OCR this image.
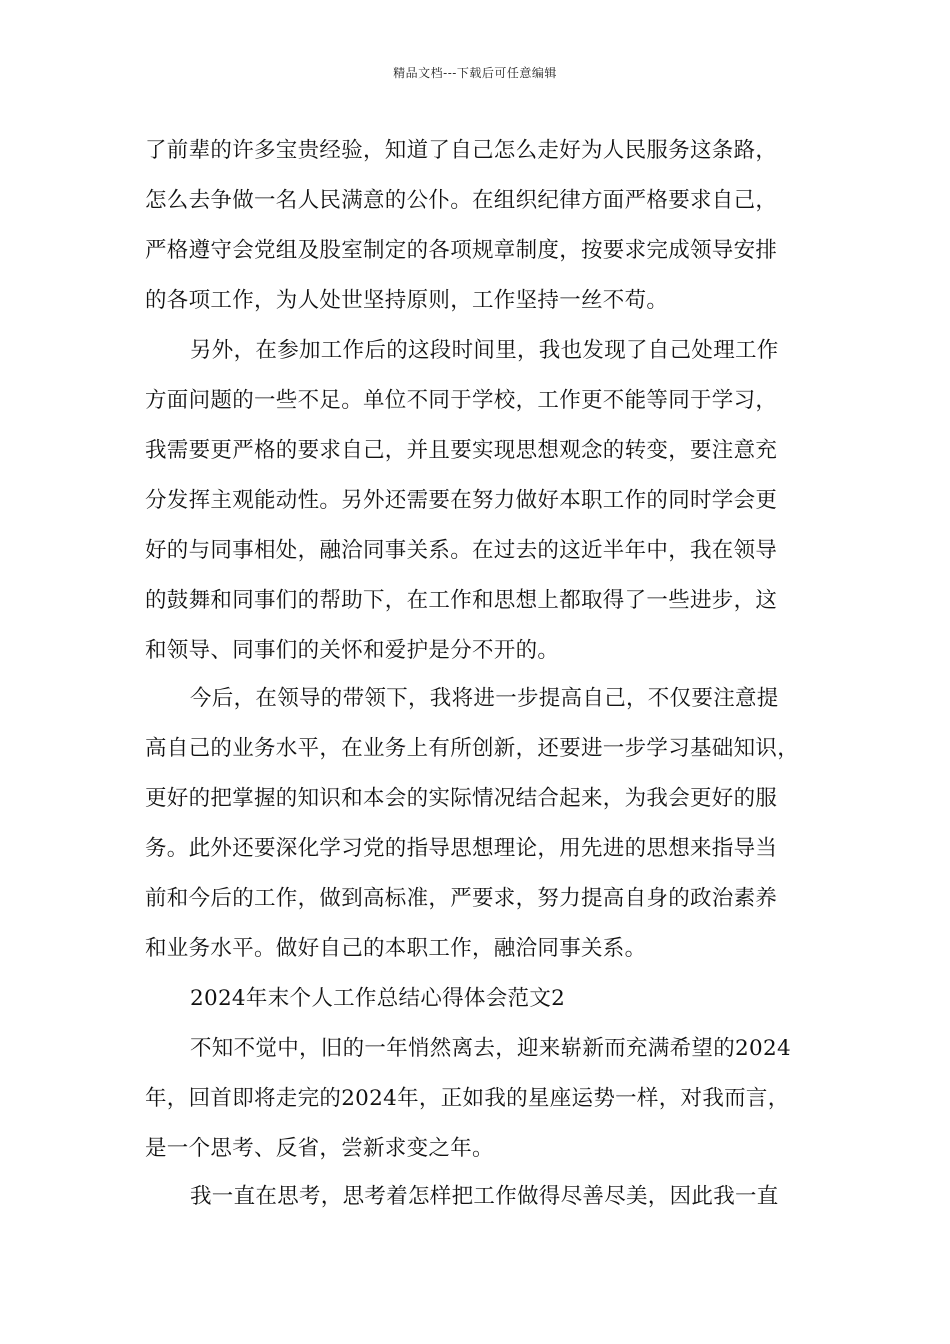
精品文档---下载后可任意编辑
了前辈的许多宝贵经验，知道了自己怎么走好为人民服务这条路，
怎么去争做一名人民满意的公仆。在组织纪律方面严格要求自己，
严格遵守会党组及股室制定的各项规章制度，按要求完成领导安排
的各项工作，为人处世坚持原则，工作坚持一丝不苟。
另外，在参加工作后的这段时间里，我也发现了自己处理工作
方面问题的一些不足。单位不同于学校，工作更不能等同于学习，
我需要更严格的要求自己，并且要实现思想观念的转变，要注意充
分发挥主观能动性。另外还需要在努力做好本职工作的同时学会更
好的与同事相处，融洽同事关系。在过去的这近半年中，我在领导
的鼓舞和同事们的帮助下，在工作和思想上都取得了一些进步，这
和领导、同事们的关怀和爱护是分不开的。
今后，在领导的带领下，我将进一步提高自己，不仅要注意提
高自己的业务水平，在业务上有所创新，还要进一步学习基础知识，
更好的把掌握的知识和本会的实际情况结合起来，为我会更好的服
务。此外还要深化学习党的指导思想理论，用先进的思想来指导当
前和今后的工作，做到高标准，严要求，努力提高自身的政治素养
和业务水平。做好自己的本职工作，融洽同事关系。
2024年末个人工作总结心得体会范文2
不知不觉中，旧的一年悄然离去，迎来崭新而充满希望的2024
年，回首即将走完的2024年，正如我的星座运势一样，对我而言，
是一个思考、反省，尝新求变之年。
我一直在思考，思考着怎样把工作做得尽善尽美，因此我一直
